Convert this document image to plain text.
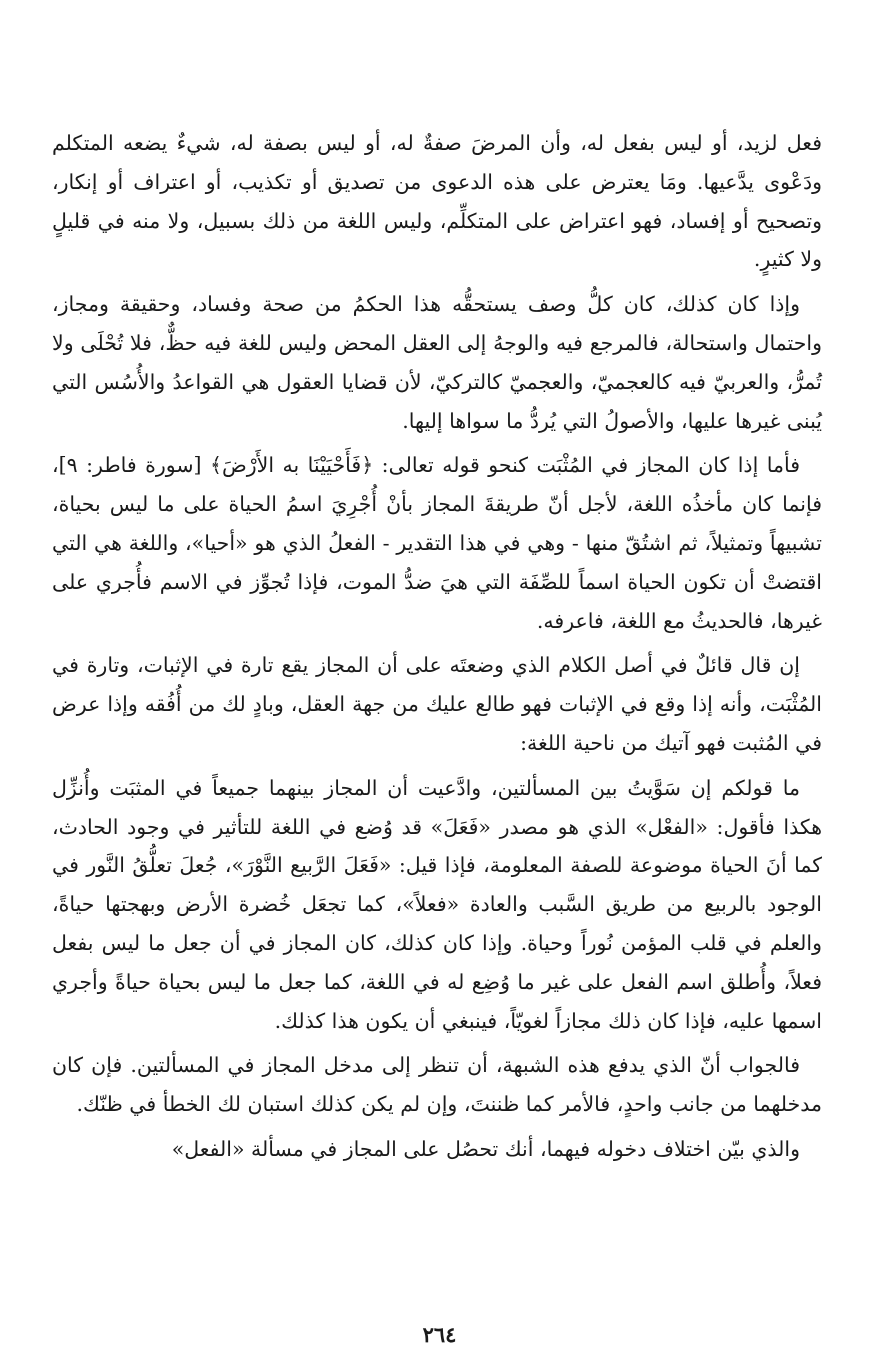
فعل لزيد، أو ليس بفعل له، وأن المرضَ صفةٌ له، أو ليس بصفة له، شيءٌ يضعه المتكلم ودَعْوى يدَّعيها. ومَا يعترض على هذه الدعوى من تصديق أو تكذيب، أو اعتراف أو إنكار، وتصحيح أو إفساد، فهو اعتراض على المتكلِّم، وليس اللغة من ذلك بسبيل، ولا منه في قليلٍ ولا كثيرٍ.

وإذا كان كذلك، كان كلُّ وصف يستحقُّه هذا الحكمُ من صحة وفساد، وحقيقة ومجاز، واحتمال واستحالة، فالمرجع فيه والوجهُ إلى العقل المحض وليس للغة فيه حظٌّ، فلا تُحْلَى ولا تُمرُّ، والعربيّ فيه كالعجميّ، والعجميّ كالتركيّ، لأن قضايا العقول هي القواعدُ والأُسُس التي يُبنى غيرها عليها، والأصولُ التي يُردُّ ما سواها إليها.

فأما إذا كان المجاز في المُثْبَت كنحو قوله تعالى: ﴿فَأَحْيَيْنَا به الأَرْضَ﴾ [سورة فاطر: ٩]، فإنما كان مأخذُه اللغة، لأجل أنّ طريقةَ المجاز بأنْ أُجْرِيَ اسمُ الحياة على ما ليس بحياة، تشبيهاً وتمثيلاً، ثم اشتُقّ منها - وهي في هذا التقدير - الفعلُ الذي هو «أحيا»، واللغة هي التي اقتضتْ أن تكون الحياة اسماً للصِّفَة التي هيَ ضدُّ الموت، فإذا تُجوِّز في الاسم فأُجري على غيرها، فالحديثُ مع اللغة، فاعرفه.

إن قال قائلٌ في أصل الكلام الذي وضعتَه على أن المجاز يقع تارة في الإثبات، وتارة في المُثْبَت، وأنه إذا وقع في الإثبات فهو طالع عليك من جهة العقل، وبادٍ لك من أُفُقه وإذا عرض في المُثبت فهو آتيك من ناحية اللغة:

ما قولكم إن سَوَّيتُ بين المسألتين، وادَّعيت أن المجاز بينهما جميعاً في المثبَت وأُنزِّل هكذا فأقول: «الفعْل» الذي هو مصدر «فَعَلَ» قد وُضع في اللغة للتأثير في وجود الحادث، كما أنَ الحياة موضوعة للصفة المعلومة، فإذا قيل: «فَعَلَ الرَّبيع النَّوْرَ»، جُعلَ تعلُّقُ النَّور في الوجود بالربيع من طريق السَّبب والعادة «فعلاً»، كما تجعَل خُضرة الأرض وبهجتها حياةً، والعلم في قلب المؤمن نُوراً وحياة. وإذا كان كذلك، كان المجاز في أن جعل ما ليس بفعل فعلاً، وأُطلق اسم الفعل على غير ما وُضِع له في اللغة، كما جعل ما ليس بحياة حياةً وأجري اسمها عليه، فإذا كان ذلك مجازاً لغويّاً، فينبغي أن يكون هذا كذلك.

فالجواب أنّ الذي يدفع هذه الشبهة، أن تنظر إلى مدخل المجاز في المسألتين. فإن كان مدخلهما من جانب واحدٍ، فالأمر كما ظننتَ، وإن لم يكن كذلك استبان لك الخطأ في ظنّك.

والذي بيّن اختلاف دخوله فيهما، أنك تحصُل على المجاز في مسألة «الفعل»

٢٦٤
